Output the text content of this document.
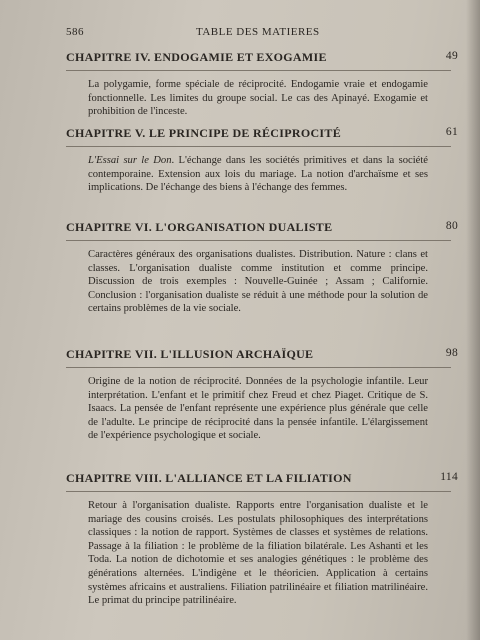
586	TABLE DES MATIERES
CHAPITRE IV. ENDOGAMIE ET EXOGAMIE	49

La polygamie, forme spéciale de réciprocité. Endogamie vraie et endogamie fonctionnelle. Les limites du groupe social. Le cas des Apinayé. Exogamie et prohibition de l'inceste.

CHAPITRE V. LE PRINCIPE DE RÉCIPROCITÉ	61

L'Essai sur le Don. L'échange dans les sociétés primitives et dans la société contemporaine. Extension aux lois du mariage. La notion d'archaïsme et ses implications. De l'échange des biens à l'échange des femmes.

CHAPITRE VI. L'ORGANISATION DUALISTE	80

Caractères généraux des organisations dualistes. Distribution. Nature : clans et classes. L'organisation dualiste comme institution et comme principe. Discussion de trois exemples : Nouvelle-Guinée ; Assam ; Californie. Conclusion : l'organisation dualiste se réduit à une méthode pour la solution de certains problèmes de la vie sociale.

CHAPITRE VII. L'ILLUSION ARCHAÏQUE	98

Origine de la notion de réciprocité. Données de la psychologie infantile. Leur interprétation. L'enfant et le primitif chez Freud et chez Piaget. Critique de S. Isaacs. La pensée de l'enfant représente une expérience plus générale que celle de l'adulte. Le principe de réciprocité dans la pensée infantile. L'élargissement de l'expérience psychologique et sociale.

CHAPITRE VIII. L'ALLIANCE ET LA FILIATION	114

Retour à l'organisation dualiste. Rapports entre l'organisation dualiste et le mariage des cousins croisés. Les postulats philosophiques des interprétations classiques : la notion de rapport. Systèmes de classes et systèmes de relations. Passage à la filiation : le problème de la filiation bilatérale. Les Ashanti et les Toda. La notion de dichotomie et ses analogies génétiques : le problème des générations alternées. L'indigène et le théoricien. Application à certains systèmes africains et australiens. Filiation patrilinéaire et filiation matrilinéaire. Le primat du principe patrilinéaire.
